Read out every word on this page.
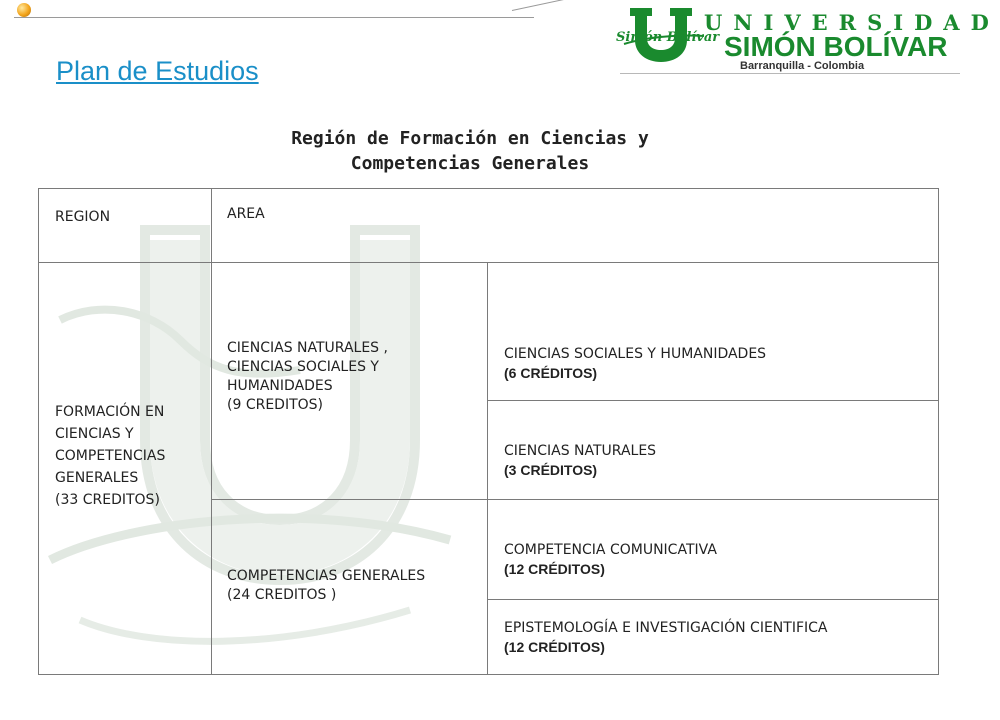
Plan de Estudios
Simón Bolívar
UNIVERSIDAD
SIMÓN BOLÍVAR
Barranquilla - Colombia
Región de Formación en Ciencias y
Competencias Generales
REGION	AREA
FORMACIÓN EN
CIENCIAS Y
COMPETENCIAS
GENERALES
(33 CREDITOS)
CIENCIAS NATURALES ,
CIENCIAS SOCIALES Y
HUMANIDADES
(9 CREDITOS)
COMPETENCIAS GENERALES
(24 CREDITOS )
CIENCIAS SOCIALES Y HUMANIDADES
(6 CRÉDITOS)
CIENCIAS NATURALES
(3 CRÉDITOS)
COMPETENCIA COMUNICATIVA
(12 CRÉDITOS)
EPISTEMOLOGÍA E INVESTIGACIÓN CIENTIFICA
(12 CRÉDITOS)
